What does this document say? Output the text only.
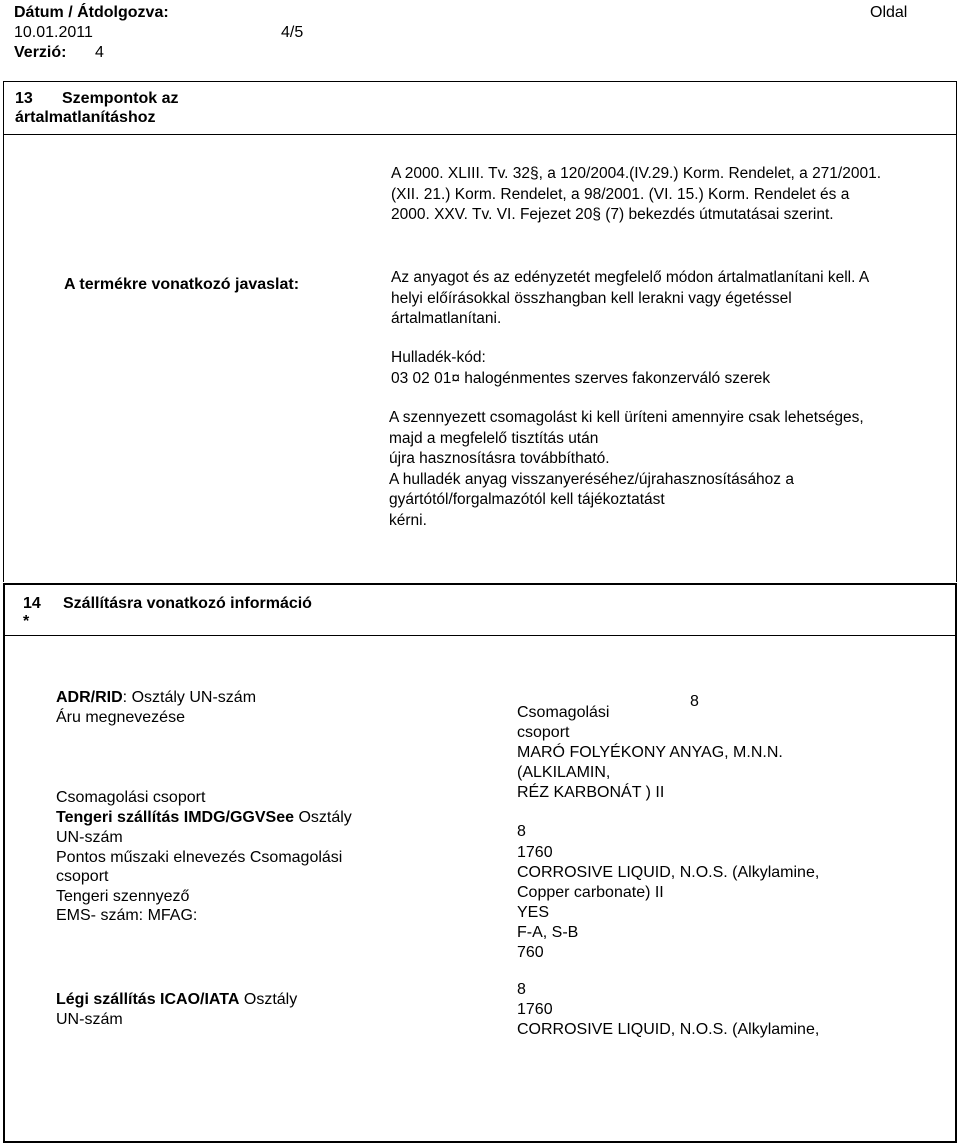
Dátum / Átdolgozva:
10.01.2011
Oldal
4/5
Verzió: 4
13 Szempontok az
ártalmatlanításhoz
A 2000. XLIII. Tv. 32§, a 120/2004.(IV.29.) Korm. Rendelet, a 271/2001.
(XII. 21.) Korm. Rendelet, a 98/2001. (VI. 15.) Korm. Rendelet és a
2000. XXV. Tv. VI. Fejezet 20§ (7) bekezdés útmutatásai szerint.
A termékre vonatkozó javaslat:	Az anyagot és az edényzetét megfelelő módon ártalmatlanítani kell. A
helyi előírásokkal összhangban kell lerakni vagy égetéssel
ártalmatlanítani.
Hulladék-kód:
03 02 01¤ halogénmentes szerves fakonzerváló szerek
A szennyezett csomagolást ki kell üríteni amennyire csak lehetséges,
majd a megfelelő tisztítás után
újra hasznosításra továbbítható.
A hulladék anyag visszanyeréséhez/újrahasznosításához a
gyártótól/forgalmazótól kell tájékoztatást
kérni.
14 Szállításra vonatkozó információ
*
ADR/RID: Osztály UN-szám
Áru megnevezése
Csomagolási csoport
Tengeri szállítás IMDG/GGVSee Osztály
UN-szám
Pontos műszaki elnevezés Csomagolási
csoport
Tengeri szennyező
EMS- szám: MFAG:
Légi szállítás ICAO/IATA Osztály
UN-szám
8
Csomagolási
csoport
MARÓ FOLYÉKONY ANYAG, M.N.N.
(ALKILAMIN,
RÉZ KARBONÁT ) II
8
1760
CORROSIVE LIQUID, N.O.S. (Alkylamine,
Copper carbonate) II
YES
F-A, S-B
760
8
1760
CORROSIVE LIQUID, N.O.S. (Alkylamine,
